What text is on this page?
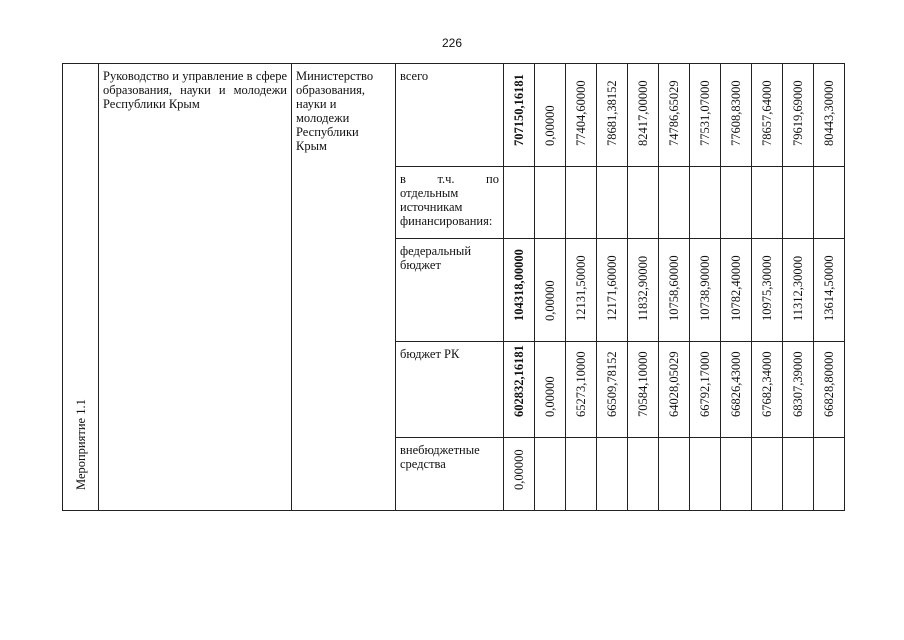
226
Мероприятие 1.1	Руководство и управление в сфере образования, науки и молодежи Республики Крым	Министерство образования, науки и молодежи Республики Крым	всего	707150,16181	0,00000	77404,60000	78681,38152	82417,00000	74786,65029	77531,07000	77608,83000	78657,64000	79619,69000	80443,30000

			в т.ч. по отдельным источникам финансирования:											

			федеральный бюджет	104318,00000	0,00000	12131,50000	12171,60000	11832,90000	10758,60000	10738,90000	10782,40000	10975,30000	11312,30000	13614,50000

			бюджет РК	602832,16181	0,00000	65273,10000	66509,78152	70584,10000	64028,05029	66792,17000	66826,43000	67682,34000	68307,39000	66828,80000

			внебюджетные средства	0,00000										
